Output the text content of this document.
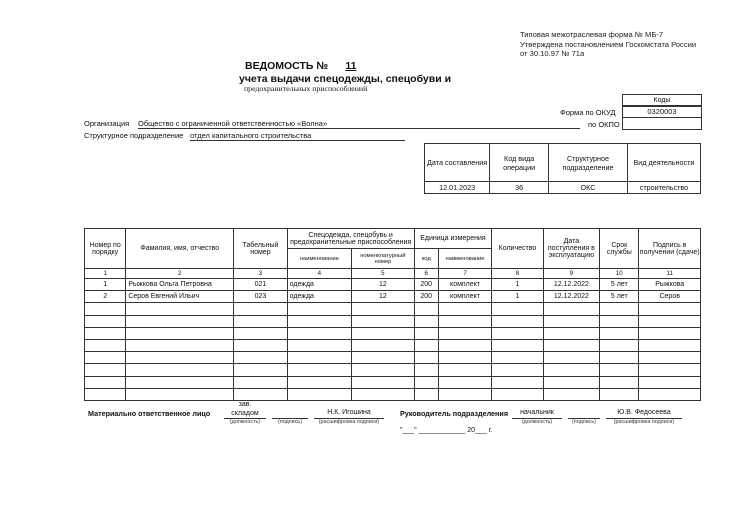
Типовая межотраслевая форма № МБ-7
Утверждена постановлением Госкомстата России
от 30.10.97 № 71а
ВЕДОМОСТЬ № 11
учета выдачи спецодежды, спецобуви и
предохранительных приспособлений
Коды
Форма по ОКУД	0320003
по ОКПО
Организация Общество с ограниченной ответственностью «Волна»
Структурное подразделение отдел капитального строительства
Дата составления	Код вида операции	Структурное подразделение	Вид деятельности
12.01.2023	36	ОКС	строительство
Номер по порядку	Фамилия, имя, отчество	Табельный номер	Спецодежда, спецобувь и предохранительные приспособления		Единица измерения		Количество	Дата поступления в эксплуатацию	Срок службы	Подпись в получении (сдаче)
			наименование	номенклатурный номер	код	наименование				
1	2	3	4	5	6	7	8	9	10	11
1	Рыжкова Ольга Петровна	021	одежда	12	200	комплект	1	12.12.2022	5 лет	Рыжкова
2	Серов Евгений Ильич	023	одежда	12	200	комплект	1	12.12.2022	5 лет	Серов

Материально ответственное лицо
зав.
складом
(должность)	(подпись)
Н.К. Игошина
(расшифровка подписи)
Руководитель подразделения	начальник
(должность)	(подпись)
Ю.В. Федосеева
(расшифровка подписи)
"___" ____________ 20___ г.
